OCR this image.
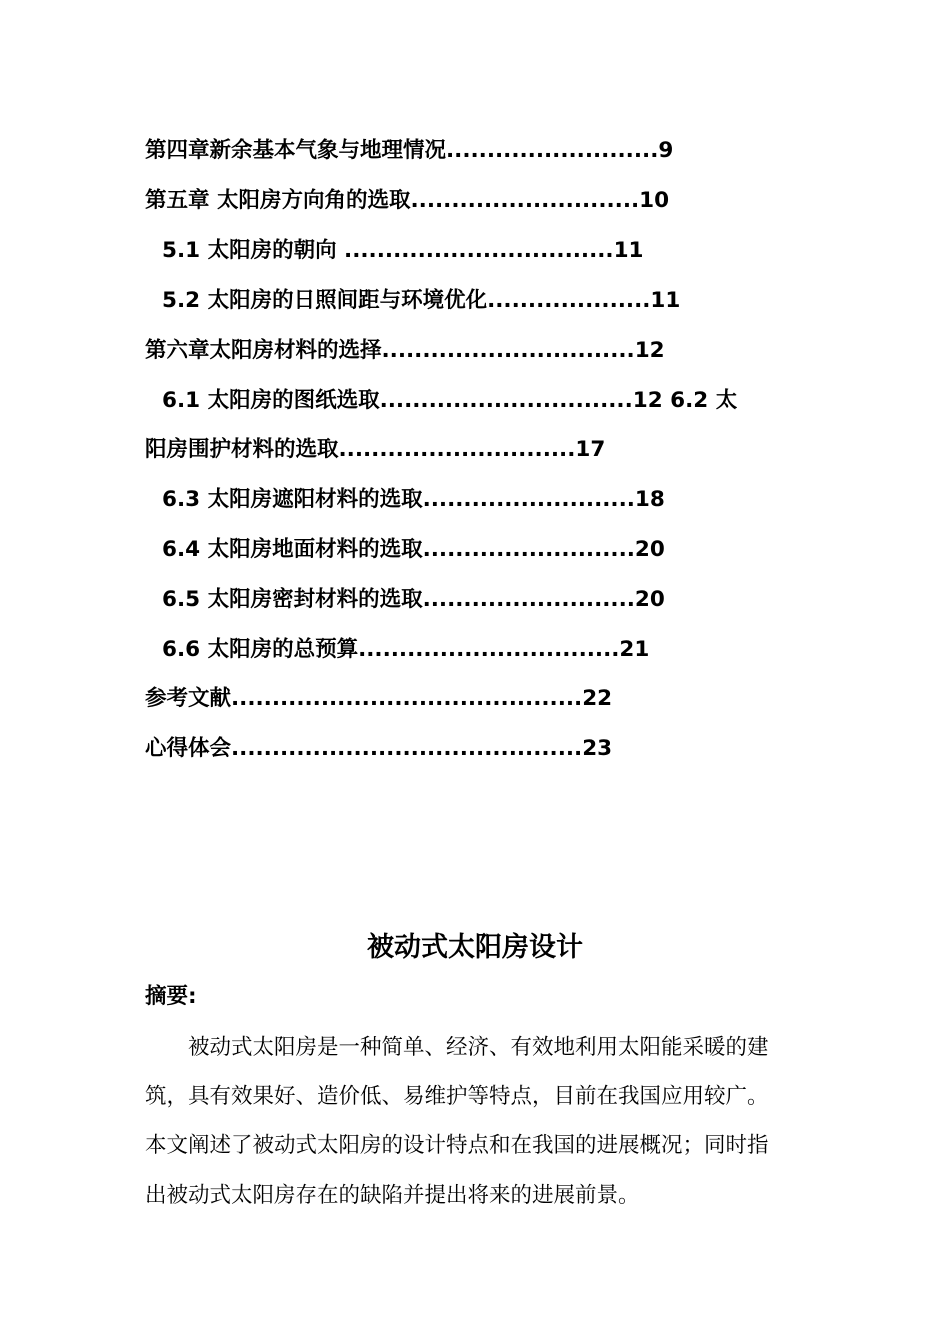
第四章新余基本气象与地理情况..........................9

第五章 太阳房方向角的选取............................10

5.1 太阳房的朝向 .................................11

5.2 太阳房的日照间距与环境优化....................11

第六章太阳房材料的选择...............................12

6.1 太阳房的图纸选取...............................12 6.2 太

阳房围护材料的选取.............................17

6.3 太阳房遮阳材料的选取..........................18

6.4 太阳房地面材料的选取..........................20

6.5 太阳房密封材料的选取..........................20

6.6 太阳房的总预算................................21

参考文献...........................................22

心得体会...........................................23

被动式太阳房设计

摘要:

被动式太阳房是一种简单、经济、有效地利用太阳能采暖的建

筑，具有效果好、造价低、易维护等特点，目前在我国应用较广。

本文阐述了被动式太阳房的设计特点和在我国的进展概况；同时指

出被动式太阳房存在的缺陷并提出将来的进展前景。
